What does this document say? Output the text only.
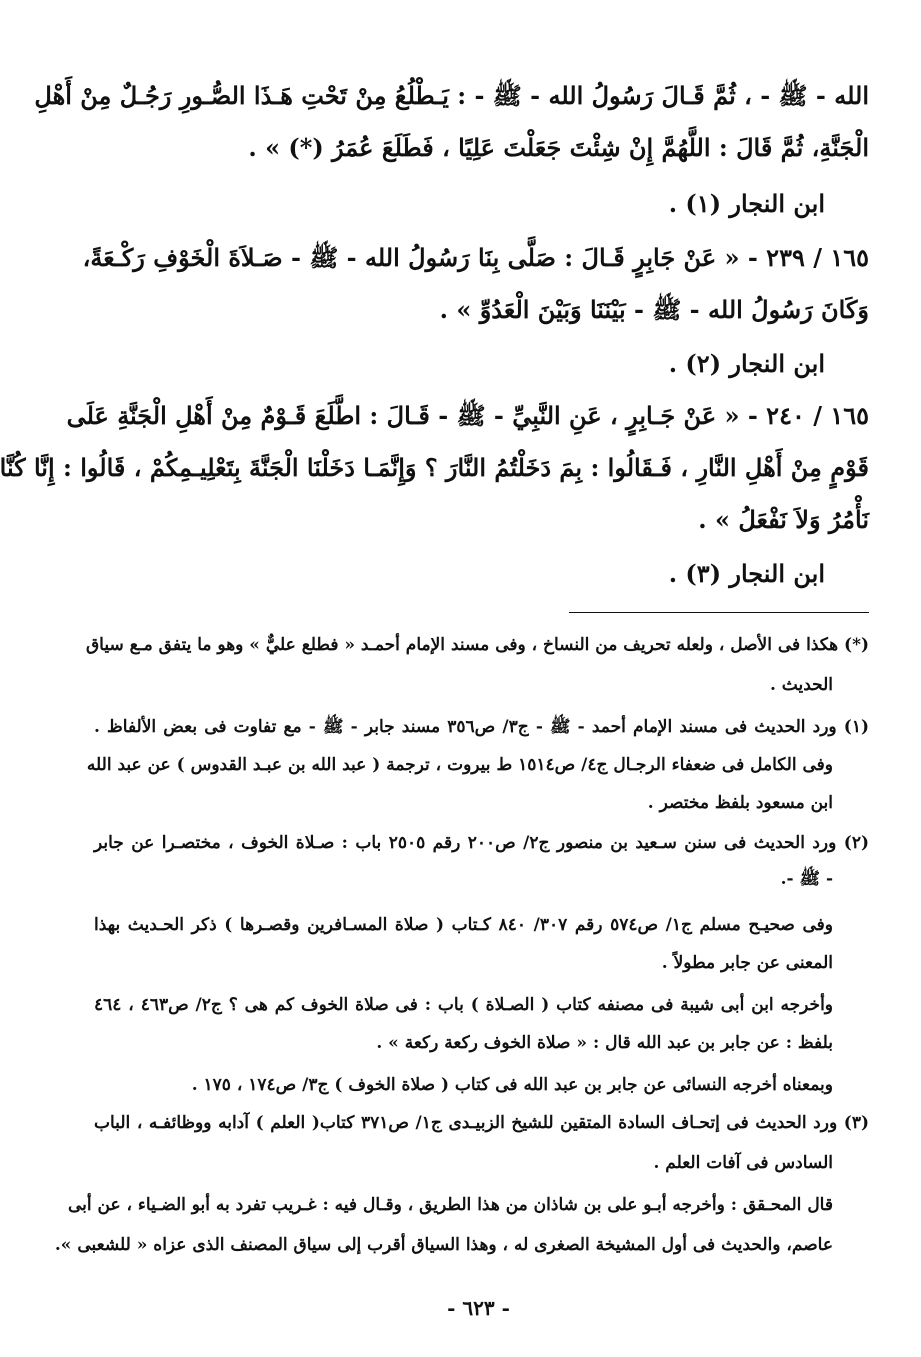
الله - ﷺ - ، ثُمَّ قَـالَ رَسُولُ الله - ﷺ - : يَـطْلُعُ مِنْ تَحْتِ هَـذَا الصُّـورِ رَجُـلٌ مِنْ أَهْلِ
الْجَنَّةِ، ثُمَّ قَالَ : اللَّهُمَّ إِنْ شِئْتَ جَعَلْتَ عَلِيًا ، فَطَلَعَ عُمَرُ (*) » .
ابن النجار (١) .
١٦٥ / ٢٣٩ - « عَنْ جَابِرٍ قَـالَ : صَلَّى بِنَا رَسُولُ الله - ﷺ - صَـلاَةَ الْخَوْفِ رَكْـعَةً،
وَكَانَ رَسُولُ الله - ﷺ - بَيْنَنَا وَبَيْنَ الْعَدُوِّ » .
ابن النجار (٢) .
١٦٥ / ٢٤٠ - « عَنْ جَـابِرٍ ، عَنِ النَّبِيِّ - ﷺ - قَـالَ : اطَّلَعَ قَـوْمٌ مِنْ أَهْلِ الْجَنَّةِ عَلَى
قَوْمٍ مِنْ أَهْلِ النَّارِ ، فَـقَالُوا : بِمَ دَخَلْتُمُ النَّارَ ؟ وَإِنَّمَـا دَخَلْنَا الْجَنَّةَ بِتَعْلِيـمِكُمْ ، قَالُوا : إِنَّا كُنَّا
نَأْمُرُ وَلاَ نَفْعَلُ » .
ابن النجار (٣) .
(*) هكذا فى الأصل ، ولعله تحريف من النساخ ، وفى مسند الإمام أحمـد « فطلع عليٌّ » وهو ما يتفق مـع سياق
الحديث .
(١) ورد الحديث فى مسند الإمام أحمد - ﷺ - ج٣/ ص٣٥٦ مسند جابر - ﷺ - مع تفاوت فى بعض الألفاظ .
وفى الكامل فى ضعفاء الرجـال ج٤/ ص١٥١٤ ط بيروت ، ترجمة ( عبد الله بن عبـد القدوس ) عن عبد الله
ابن مسعود بلفظ مختصر .
(٢) ورد الحديث فى سنن سـعيد بن منصور ج٢/ ص٢٠٠ رقم ٢٥٠٥ باب : صـلاة الخوف ، مختصـرا عن جابر
- ﷺ -.
وفى صحيـح مسلم ج١/ ص٥٧٤ رقم ٣٠٧/ ٨٤٠ كـتاب ( صلاة المسـافرين وقصـرها ) ذكر الحـديث بهذا
المعنى عن جابر مطولاً .
وأخرجه ابن أبى شيبة فى مصنفه كتاب ( الصـلاة ) باب : فى صلاة الخوف كم هى ؟ ج٢/ ص٤٦٣ ، ٤٦٤
بلفظ : عن جابر بن عبد الله قال : « صلاة الخوف ركعة ركعة » .
وبمعناه أخرجه النسائى عن جابر بن عبد الله فى كتاب ( صلاة الخوف ) ج٣/ ص١٧٤ ، ١٧٥ .
(٣) ورد الحديث فى إتحـاف السادة المتقين للشيخ الزبيـدى ج١/ ص٣٧١ كتاب( العلم ) آدابه ووظائفـه ، الباب
السادس فى آفات العلم .
قال المحـقق : وأخرجه أبـو على بن شاذان من هذا الطريق ، وقـال فيه : غـريب تفرد به أبو الضـياء ، عن أبى
عاصم، والحديث فى أول المشيخة الصغرى له ، وهذا السياق أقرب إلى سياق المصنف الذى عزاه « للشعبى ».
- ٦٢٣ -
